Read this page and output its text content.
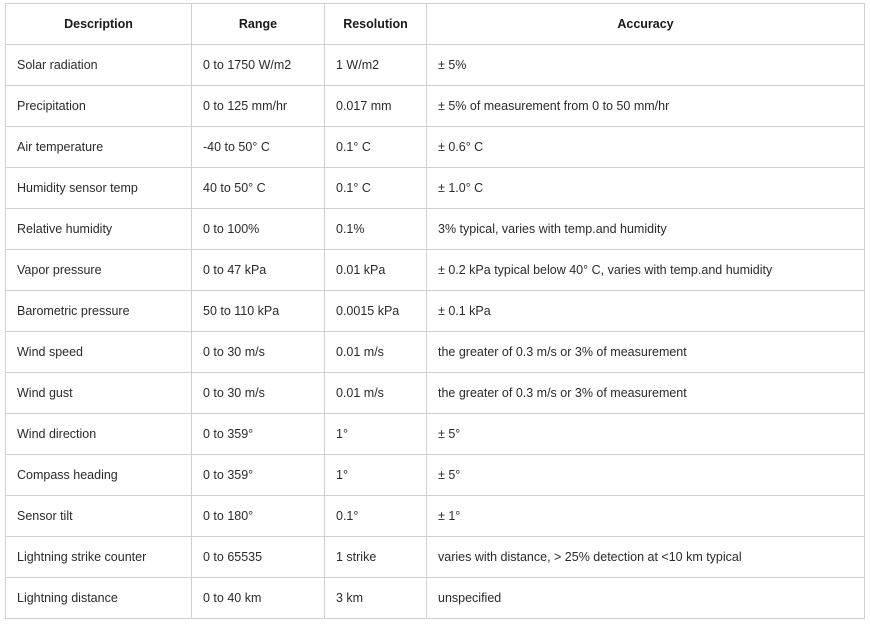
Description	Range	Resolution	Accuracy
Solar radiation	0 to 1750 W/m2	1 W/m2	± 5%
Precipitation	0 to 125 mm/hr	0.017 mm	± 5% of measurement from 0 to 50 mm/hr
Air temperature	-40 to 50° C	0.1° C	± 0.6° C
Humidity sensor temp	40 to 50° C	0.1° C	± 1.0° C
Relative humidity	0 to 100%	0.1%	3% typical, varies with temp.and humidity
Vapor pressure	0 to 47 kPa	0.01 kPa	± 0.2 kPa typical below 40° C, varies with temp.and humidity
Barometric pressure	50 to 110 kPa	0.0015 kPa	± 0.1 kPa
Wind speed	0 to 30 m/s	0.01 m/s	the greater of 0.3 m/s or 3% of measurement
Wind gust	0 to 30 m/s	0.01 m/s	the greater of 0.3 m/s or 3% of measurement
Wind direction	0 to 359°	1°	± 5°
Compass heading	0 to 359°	1°	± 5°
Sensor tilt	0 to 180°	0.1°	± 1°
Lightning strike counter	0 to 65535	1 strike	varies with distance, > 25% detection at <10 km typical
Lightning distance	0 to 40 km	3 km	unspecified
